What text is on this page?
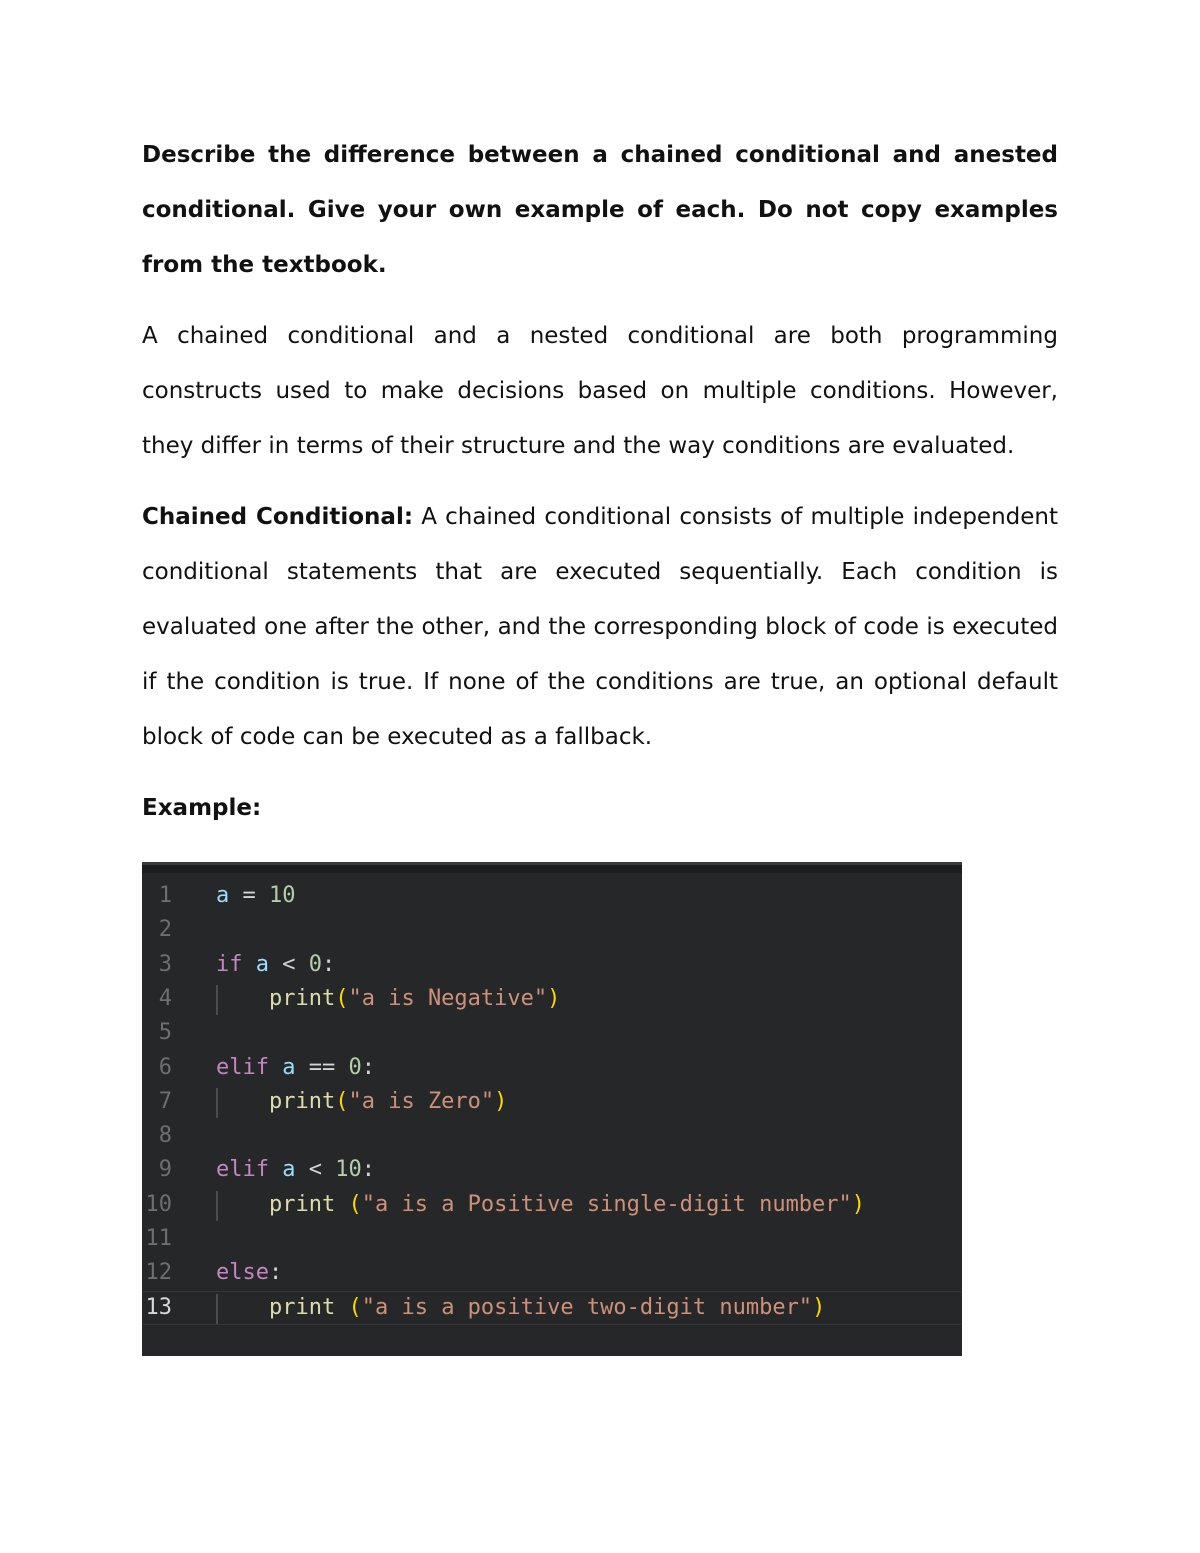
Describe the difference between a chained conditional and anested conditional. Give your own example of each. Do not copy examples from the textbook.

A chained conditional and a nested conditional are both programming constructs used to make decisions based on multiple conditions. However, they differ in terms of their structure and the way conditions are evaluated.

Chained Conditional: A chained conditional consists of multiple independent conditional statements that are executed sequentially. Each condition is evaluated one after the other, and the corresponding block of code is executed if the condition is true. If none of the conditions are true, an optional default block of code can be executed as a fallback.

Example:
1 a = 10
2
3 if a < 0:
4	print("a is Negative")
5
6 elif a == 0:
7	print("a is Zero")
8
9 elif a < 10:
10	print ("a is a Positive single-digit number")
11
12 else:
13	print ("a is a positive two-digit number")
